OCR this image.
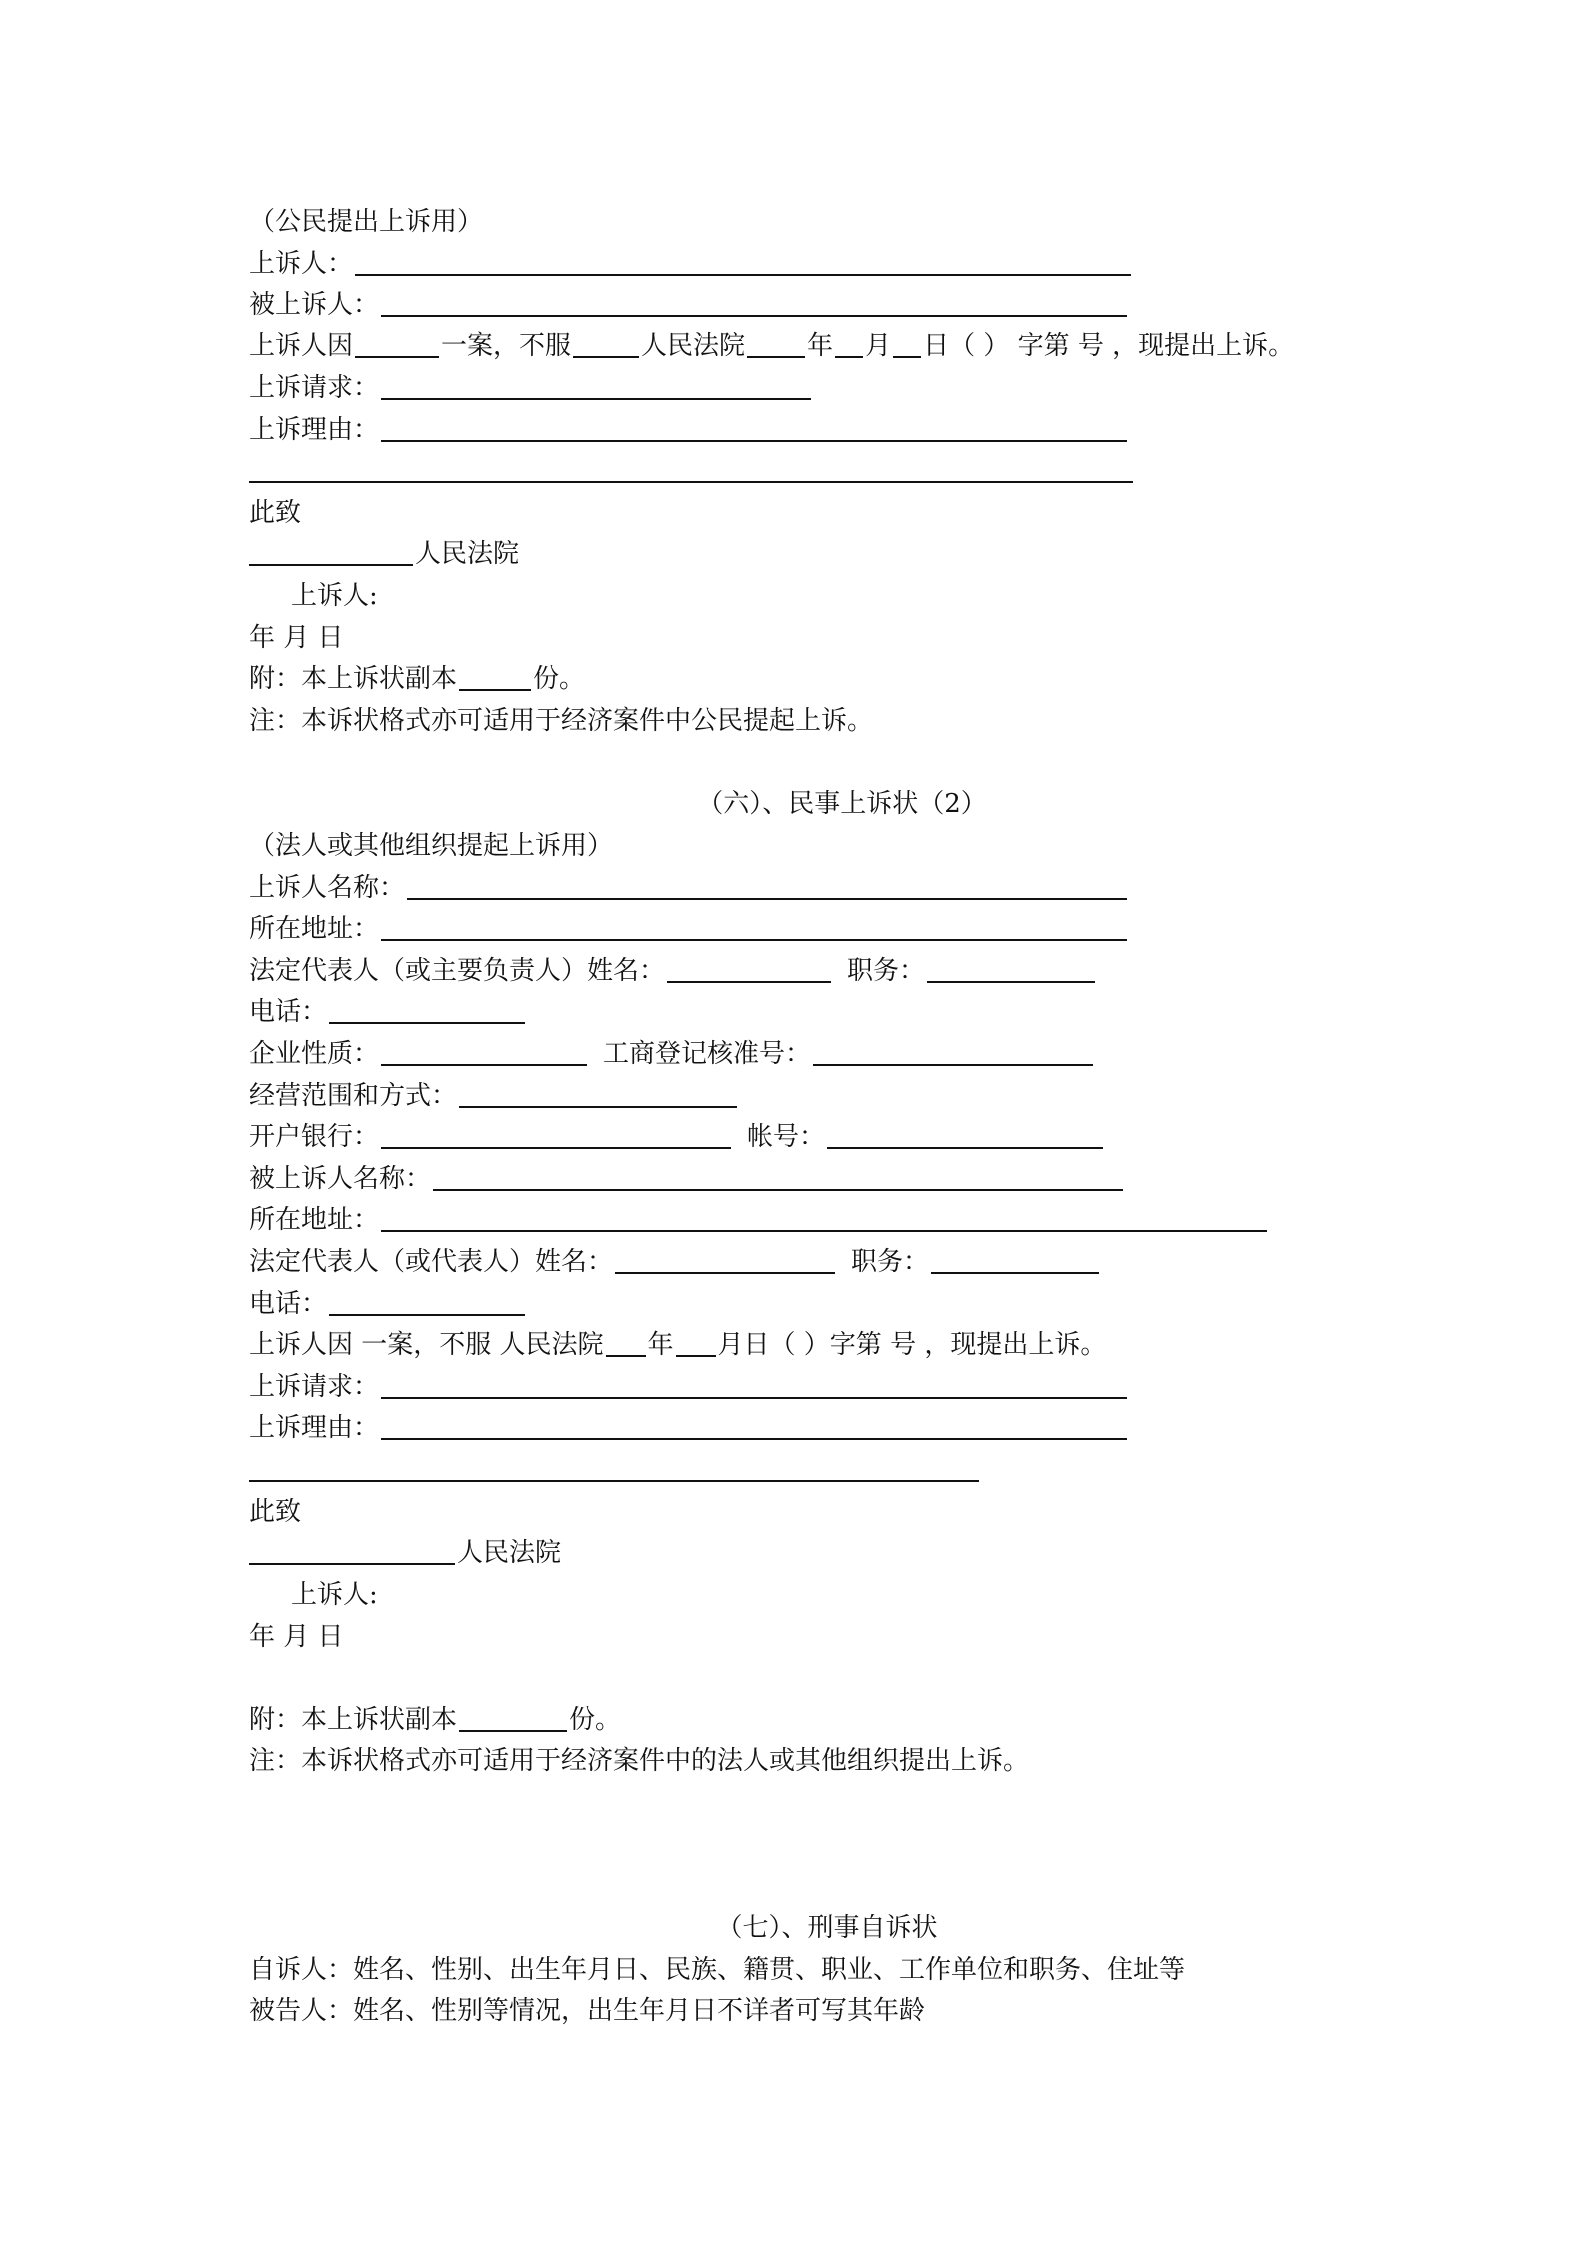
（公民提出上诉用）
上诉人：
被上诉人：
上诉人因	一案，不服	人民法院 年 月 日（ ） 字第 号 ，现提出上诉。
上诉请求：
上诉理由：
此致
人民法院
上诉人:
年 月 日
附：本上诉状副本	份。
注：本诉状格式亦可适用于经济案件中公民提起上诉。
（六）、民事上诉状（2）
（法人或其他组织提起上诉用）
上诉人名称：
所在地址：
法定代表人（或主要负责人）姓名：	职务：
电话：
企业性质：	工商登记核准号：
经营范围和方式：
开户银行：	帐号：
被上诉人名称：
所在地址：
法定代表人（或代表人）姓名：	职务：
电话：
上诉人因 一案，不服 人民法院 年 月日（ ）字第 号 ，现提出上诉。
上诉请求：
上诉理由：
此致
人民法院
上诉人:
年 月 日
附：本上诉状副本	份。
注：本诉状格式亦可适用于经济案件中的法人或其他组织提出上诉。
（七）、刑事自诉状
自诉人：姓名、性别、出生年月日、民族、籍贯、职业、工作单位和职务、住址等
被告人：姓名、性别等情况，出生年月日不详者可写其年龄
